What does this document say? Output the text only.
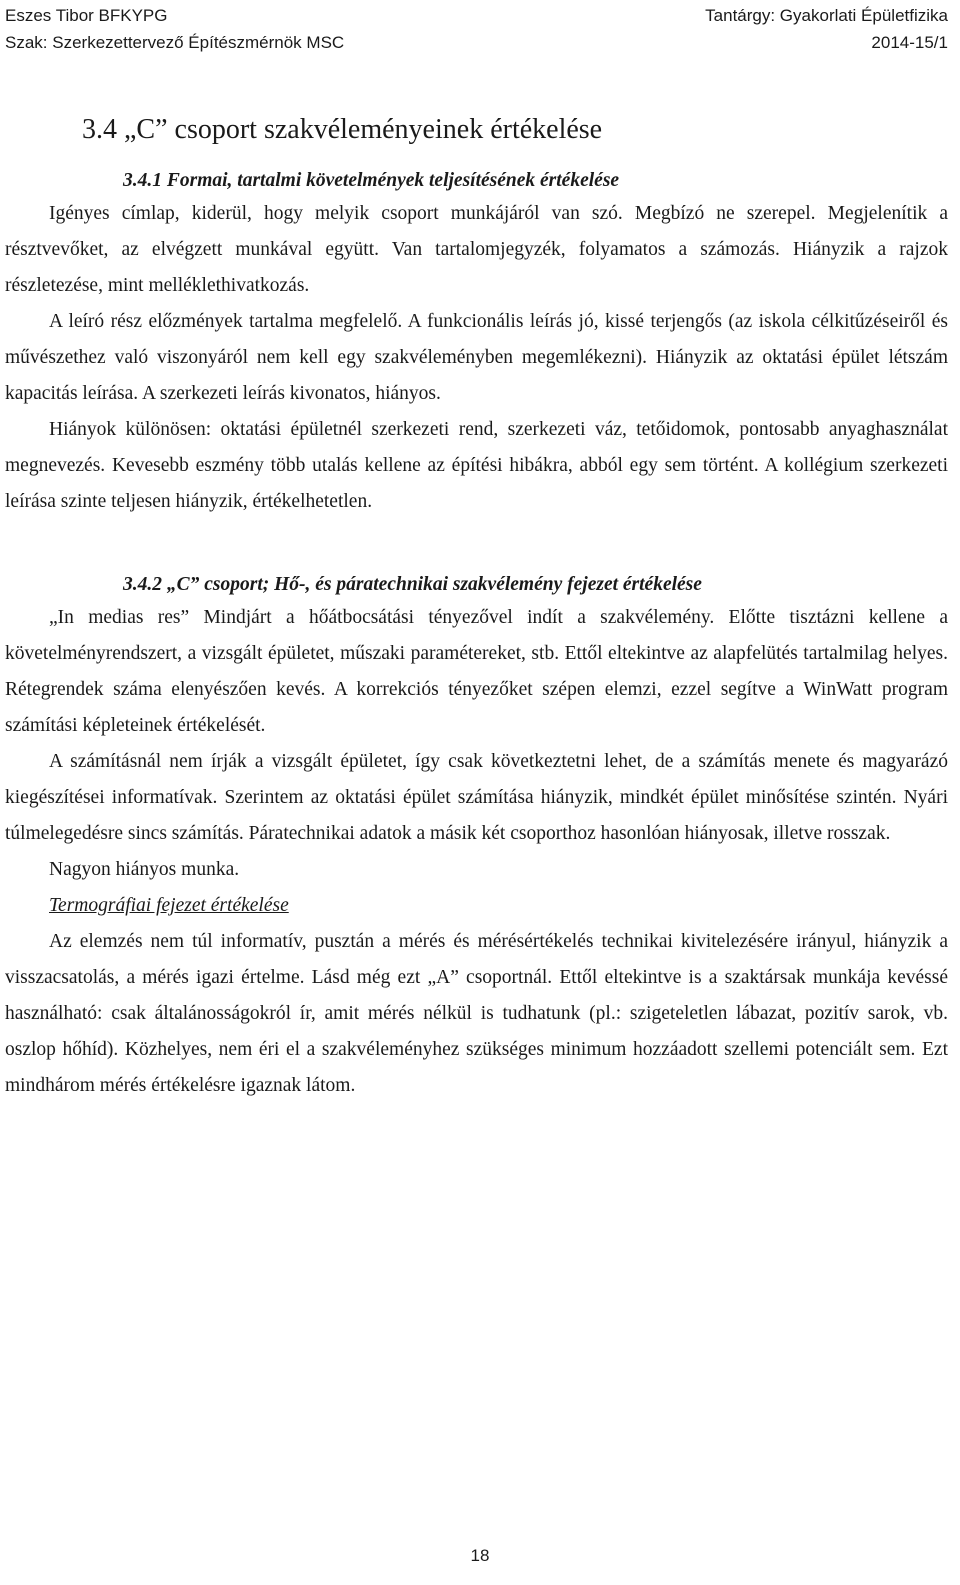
Eszes Tibor BFKYPG	Tantárgy: Gyakorlati Épületfizika
Szak: Szerkezettervező Építészmérnök MSC	2014-15/1
3.4 „C” csoport szakvéleményeinek értékelése
3.4.1 Formai, tartalmi követelmények teljesítésének értékelése

Igényes címlap, kiderül, hogy melyik csoport munkájáról van szó. Megbízó ne szerepel. Megjelenítik a résztvevőket, az elvégzett munkával együtt. Van tartalomjegyzék, folyamatos a számozás. Hiányzik a rajzok részletezése, mint melléklethivatkozás.

A leíró rész előzmények tartalma megfelelő. A funkcionális leírás jó, kissé terjengős (az iskola célkitűzéseiről és művészethez való viszonyáról nem kell egy szakvéleményben megemlékezni). Hiányzik az oktatási épület létszám kapacitás leírása. A szerkezeti leírás kivonatos, hiányos.

Hiányok különösen: oktatási épületnél szerkezeti rend, szerkezeti váz, tetőidomok, pontosabb anyaghasználat megnevezés. Kevesebb eszmény több utalás kellene az építési hibákra, abból egy sem történt. A kollégium szerkezeti leírása szinte teljesen hiányzik, értékelhetetlen.

3.4.2 „C” csoport; Hő-, és páratechnikai szakvélemény fejezet értékelése

„In medias res” Mindjárt a hőátbocsátási tényezővel indít a szakvélemény. Előtte tisztázni kellene a követelményrendszert, a vizsgált épületet, műszaki paramétereket, stb. Ettől eltekintve az alapfelütés tartalmilag helyes. Rétegrendek száma elenyészően kevés. A korrekciós tényezőket szépen elemzi, ezzel segítve a WinWatt program számítási képleteinek értékelését.

A számításnál nem írják a vizsgált épületet, így csak következtetni lehet, de a számítás menete és magyarázó kiegészítései informatívak. Szerintem az oktatási épület számítása hiányzik, mindkét épület minősítése szintén. Nyári túlmelegedésre sincs számítás. Páratechnikai adatok a másik két csoporthoz hasonlóan hiányosak, illetve rosszak.

Nagyon hiányos munka.

Termográfiai fejezet értékelése

Az elemzés nem túl informatív, pusztán a mérés és mérésértékelés technikai kivitelezésére irányul, hiányzik a visszacsatolás, a mérés igazi értelme. Lásd még ezt „A” csoportnál. Ettől eltekintve is a szaktársak munkája kevéssé használható: csak általánosságokról ír, amit mérés nélkül is tudhatunk (pl.: szigeteletlen lábazat, pozitív sarok, vb. oszlop hőhíd). Közhelyes, nem éri el a szakvéleményhez szükséges minimum hozzáadott szellemi potenciált sem. Ezt mindhárom mérés értékelésre igaznak látom.

18
